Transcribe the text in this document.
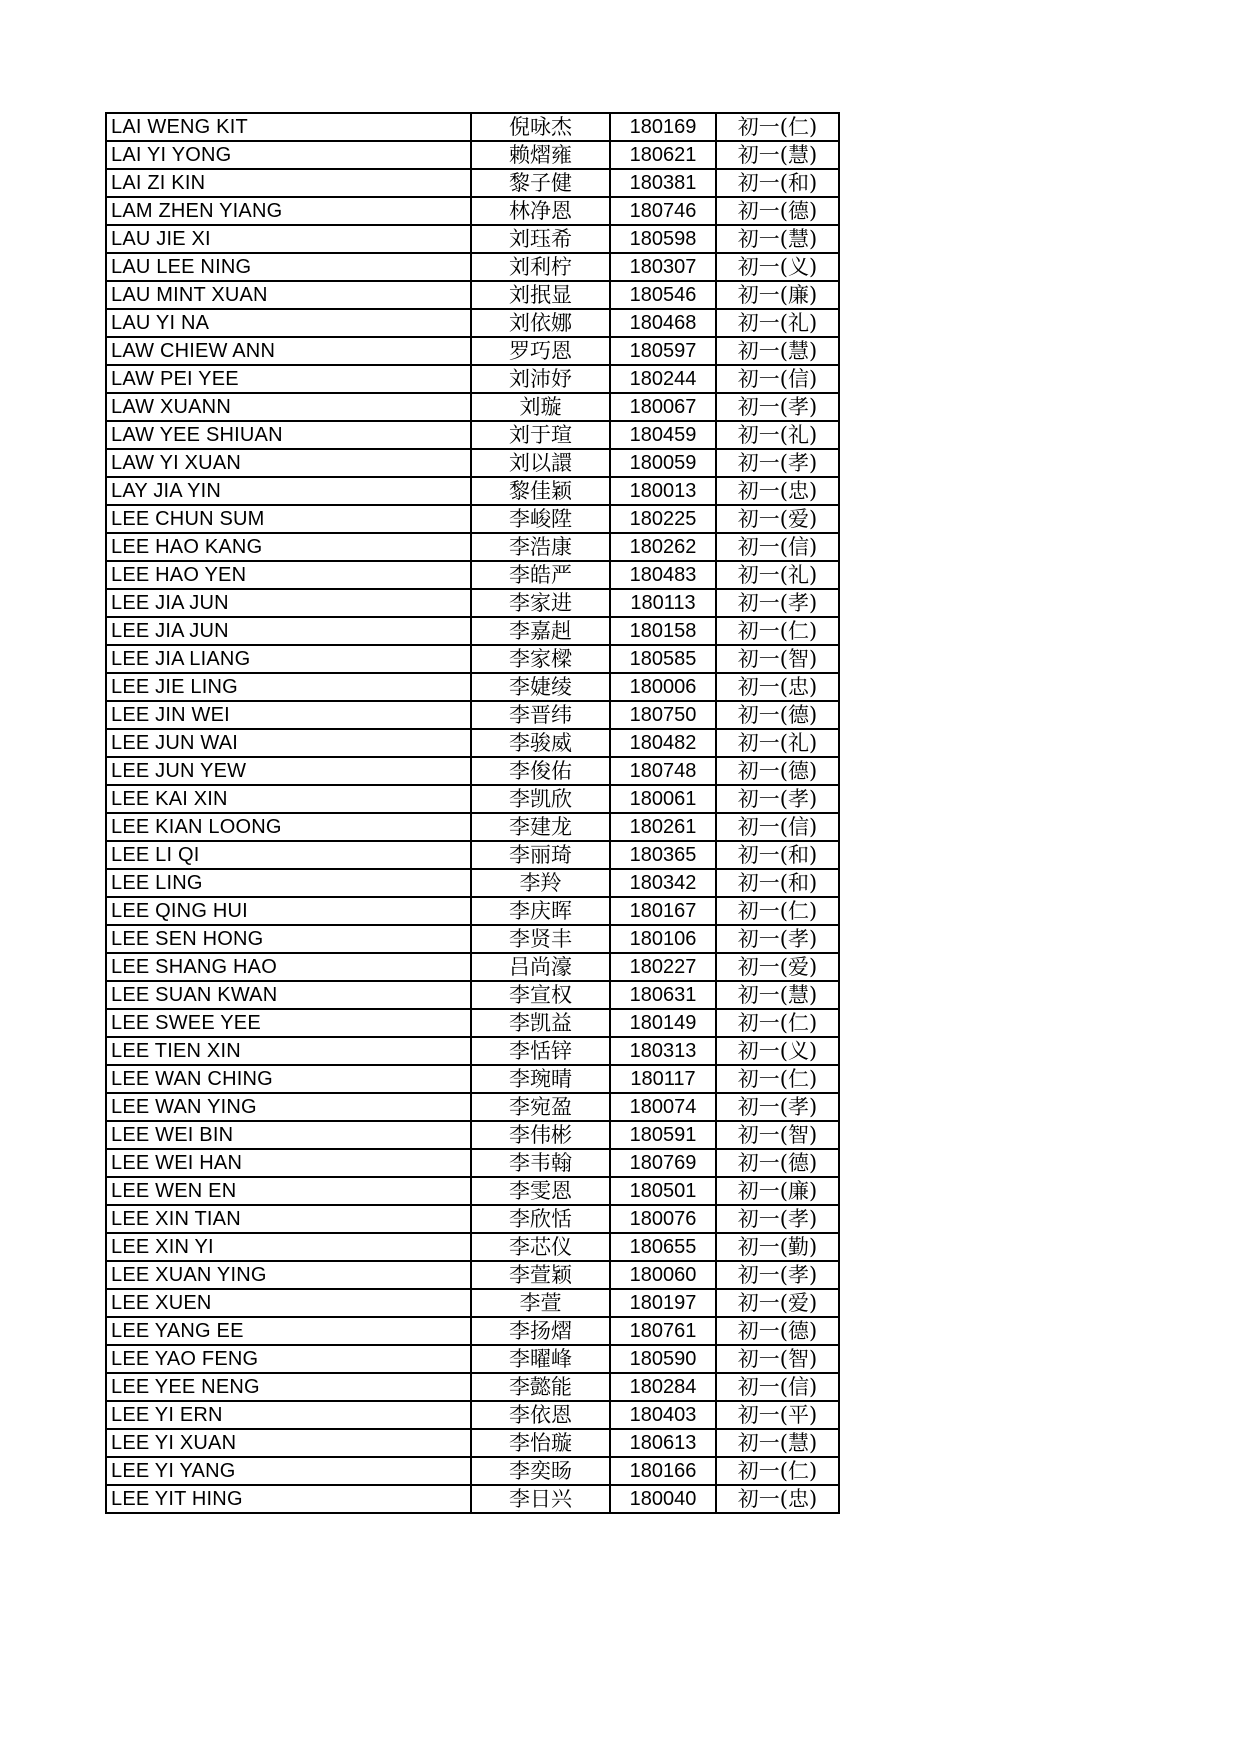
LAI WENG KIT	倪咏杰	180169	初一(仁)
LAI YI YONG	赖熠雍	180621	初一(慧)
LAI ZI KIN	黎子健	180381	初一(和)
LAM ZHEN YIANG	林净恩	180746	初一(德)
LAU JIE XI	刘珏希	180598	初一(慧)
LAU LEE NING	刘利柠	180307	初一(义)
LAU MINT XUAN	刘抿显	180546	初一(廉)
LAU YI NA	刘依娜	180468	初一(礼)
LAW CHIEW ANN	罗巧恩	180597	初一(慧)
LAW PEI YEE	刘沛妤	180244	初一(信)
LAW XUANN	刘璇	180067	初一(孝)
LAW YEE SHIUAN	刘于瑄	180459	初一(礼)
LAW YI XUAN	刘以譞	180059	初一(孝)
LAY JIA YIN	黎佳颖	180013	初一(忠)
LEE CHUN SUM	李峻陞	180225	初一(爱)
LEE HAO KANG	李浩康	180262	初一(信)
LEE HAO YEN	李皓严	180483	初一(礼)
LEE JIA JUN	李家进	180113	初一(孝)
LEE JIA JUN	李嘉赳	180158	初一(仁)
LEE JIA LIANG	李家樑	180585	初一(智)
LEE JIE LING	李婕绫	180006	初一(忠)
LEE JIN WEI	李晋纬	180750	初一(德)
LEE JUN WAI	李骏威	180482	初一(礼)
LEE JUN YEW	李俊佑	180748	初一(德)
LEE KAI XIN	李凯欣	180061	初一(孝)
LEE KIAN LOONG	李建龙	180261	初一(信)
LEE LI QI	李丽琦	180365	初一(和)
LEE LING	李羚	180342	初一(和)
LEE QING HUI	李庆晖	180167	初一(仁)
LEE SEN HONG	李贤丰	180106	初一(孝)
LEE SHANG HAO	吕尚濠	180227	初一(爱)
LEE SUAN KWAN	李宣权	180631	初一(慧)
LEE SWEE YEE	李凯益	180149	初一(仁)
LEE TIEN XIN	李恬锌	180313	初一(义)
LEE WAN CHING	李琬晴	180117	初一(仁)
LEE WAN YING	李宛盈	180074	初一(孝)
LEE WEI BIN	李伟彬	180591	初一(智)
LEE WEI HAN	李韦翰	180769	初一(德)
LEE WEN EN	李雯恩	180501	初一(廉)
LEE XIN TIAN	李欣恬	180076	初一(孝)
LEE XIN YI	李芯仪	180655	初一(勤)
LEE XUAN YING	李萱颖	180060	初一(孝)
LEE XUEN	李萱	180197	初一(爱)
LEE YANG EE	李扬熠	180761	初一(德)
LEE YAO FENG	李曜峰	180590	初一(智)
LEE YEE NENG	李懿能	180284	初一(信)
LEE YI ERN	李依恩	180403	初一(平)
LEE YI XUAN	李怡璇	180613	初一(慧)
LEE YI YANG	李奕旸	180166	初一(仁)
LEE YIT HING	李日兴	180040	初一(忠)
